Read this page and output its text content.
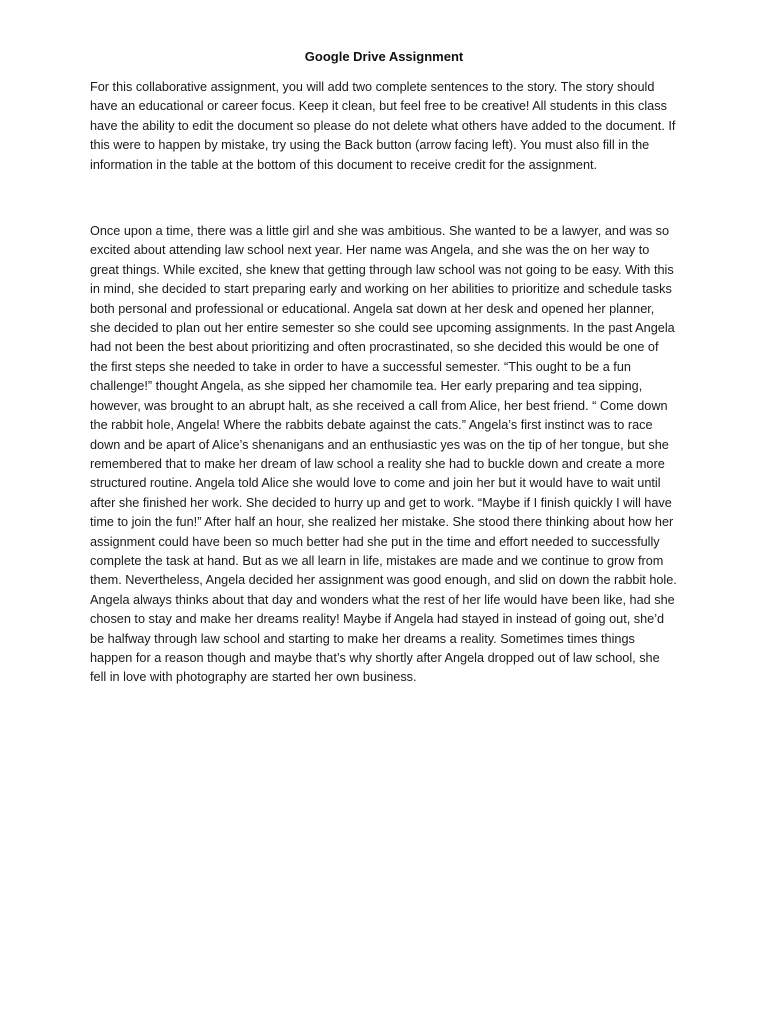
Google Drive Assignment

For this collaborative assignment, you will add two complete sentences to the story. The story should have an educational or career focus. Keep it clean, but feel free to be creative! All students in this class have the ability to edit the document so please do not delete what others have added to the document. If this were to happen by mistake, try using the Back button (arrow facing left). You must also fill in the information in the table at the bottom of this document to receive credit for the assignment.

Once upon a time, there was a little girl and she was ambitious. She wanted to be a lawyer, and was so excited about attending law school next year. Her name was Angela, and she was the on her way to great things. While excited, she knew that getting through law school was not going to be easy. With this in mind, she decided to start preparing early and working on her abilities to prioritize and schedule tasks both personal and professional or educational. Angela sat down at her desk and opened her planner, she decided to plan out her entire semester so she could see upcoming assignments. In the past Angela had not been the best about prioritizing and often procrastinated, so she decided this would be one of the first steps she needed to take in order to have a successful semester. “This ought to be a fun challenge!” thought Angela, as she sipped her chamomile tea. Her early preparing and tea sipping, however, was brought to an abrupt halt, as she received a call from Alice, her best friend. “ Come down the rabbit hole, Angela! Where the rabbits debate against the cats.” Angela’s first instinct was to race down and be apart of Alice’s shenanigans and an enthusiastic yes was on the tip of her tongue, but she remembered that to make her dream of law school a reality she had to buckle down and create a more structured routine. Angela told Alice she would love to come and join her but it would have to wait until after she finished her work. She decided to hurry up and get to work. “Maybe if I finish quickly I will have time to join the fun!” After half an hour, she realized her mistake. She stood there thinking about how her assignment could have been so much better had she put in the time and effort needed to successfully complete the task at hand. But as we all learn in life, mistakes are made and we continue to grow from them. Nevertheless, Angela decided her assignment was good enough, and slid on down the rabbit hole. Angela always thinks about that day and wonders what the rest of her life would have been like, had she chosen to stay and make her dreams reality! Maybe if Angela had stayed in instead of going out, she’d be halfway through law school and starting to make her dreams a reality. Sometimes times things happen for a reason though and maybe that’s why shortly after Angela dropped out of law school, she fell in love with photography are started her own business.
